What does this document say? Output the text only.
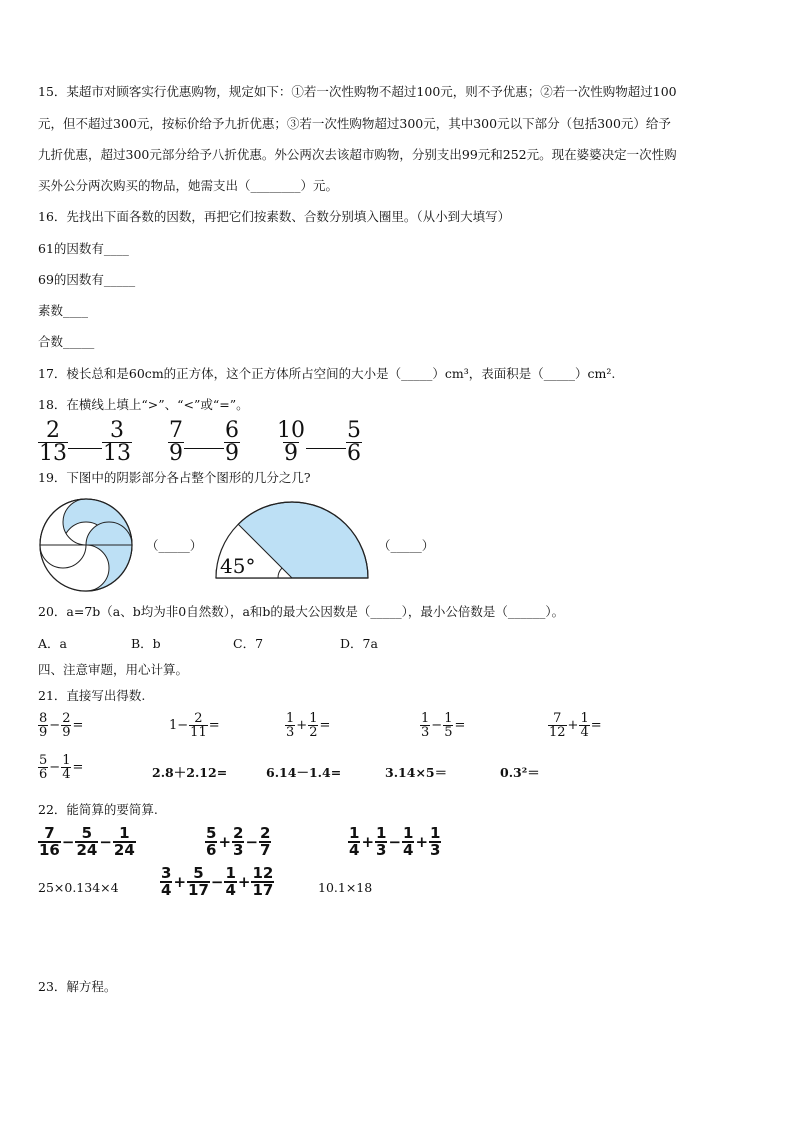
15．某超市对顾客实行优惠购物，规定如下：①若一次性购物不超过100元，则不予优惠；②若一次性购物超过100
元，但不超过300元，按标价给予九折优惠；③若一次性购物超过300元，其中300元以下部分（包括300元）给予
九折优惠，超过300元部分给予八折优惠。外公两次去该超市购物，分别支出99元和252元。现在婆婆决定一次性购
买外公分两次购买的物品，她需支出（________）元。
16．先找出下面各数的因数，再把它们按素数、合数分别填入圈里。（从小到大填写）
61的因数有____
69的因数有_____
素数____
合数_____
17．棱长总和是60cm的正方体，这个正方体所占空间的大小是（_____）cm³，表面积是（_____）cm².
18．在横线上填上“>”、“<”或“=”。
$\frac{2}{13} \frac{3}{13}$
$\frac{7}{9} \frac{6}{9}$
$\frac{10}{9} \frac{5}{6}$
19．下图中的阴影部分各占整个图形的几分之几?
（_____）
45°
（_____）
20．a=7b（a、b均为非0自然数），a和b的最大公因数是（_____），最小公倍数是（______）。
A．a	B．b	C．7	D．7a
四、注意审题，用心计算。
21．直接写出得数.
$\frac{8}{9} - \frac{2}{9}$ =	$1- \frac{2}{11}$ =	$\frac{1}{3} + \frac{1}{2}$ =	$\frac{1}{3} - \frac{1}{5}$ =	$\frac{7}{12} + \frac{1}{4}$ =
$\frac{5}{6} - \frac{1}{4}$ =	2.8＋2.12=	6.14－1.4=	3.14×5＝	0.3²＝
22．能简算的要简算.
$\frac{7}{16} - \frac{5}{24} - \frac{1}{24}$	$\frac{5}{6} + \frac{2}{3} - \frac{2}{7}$	$\frac{1}{4} + \frac{1}{3} - \frac{1}{4} + \frac{1}{3}$
25×0.134×4	$\frac{3}{4} + \frac{5}{17} - \frac{1}{4} + \frac{12}{17}$	10.1×18
23．解方程。
